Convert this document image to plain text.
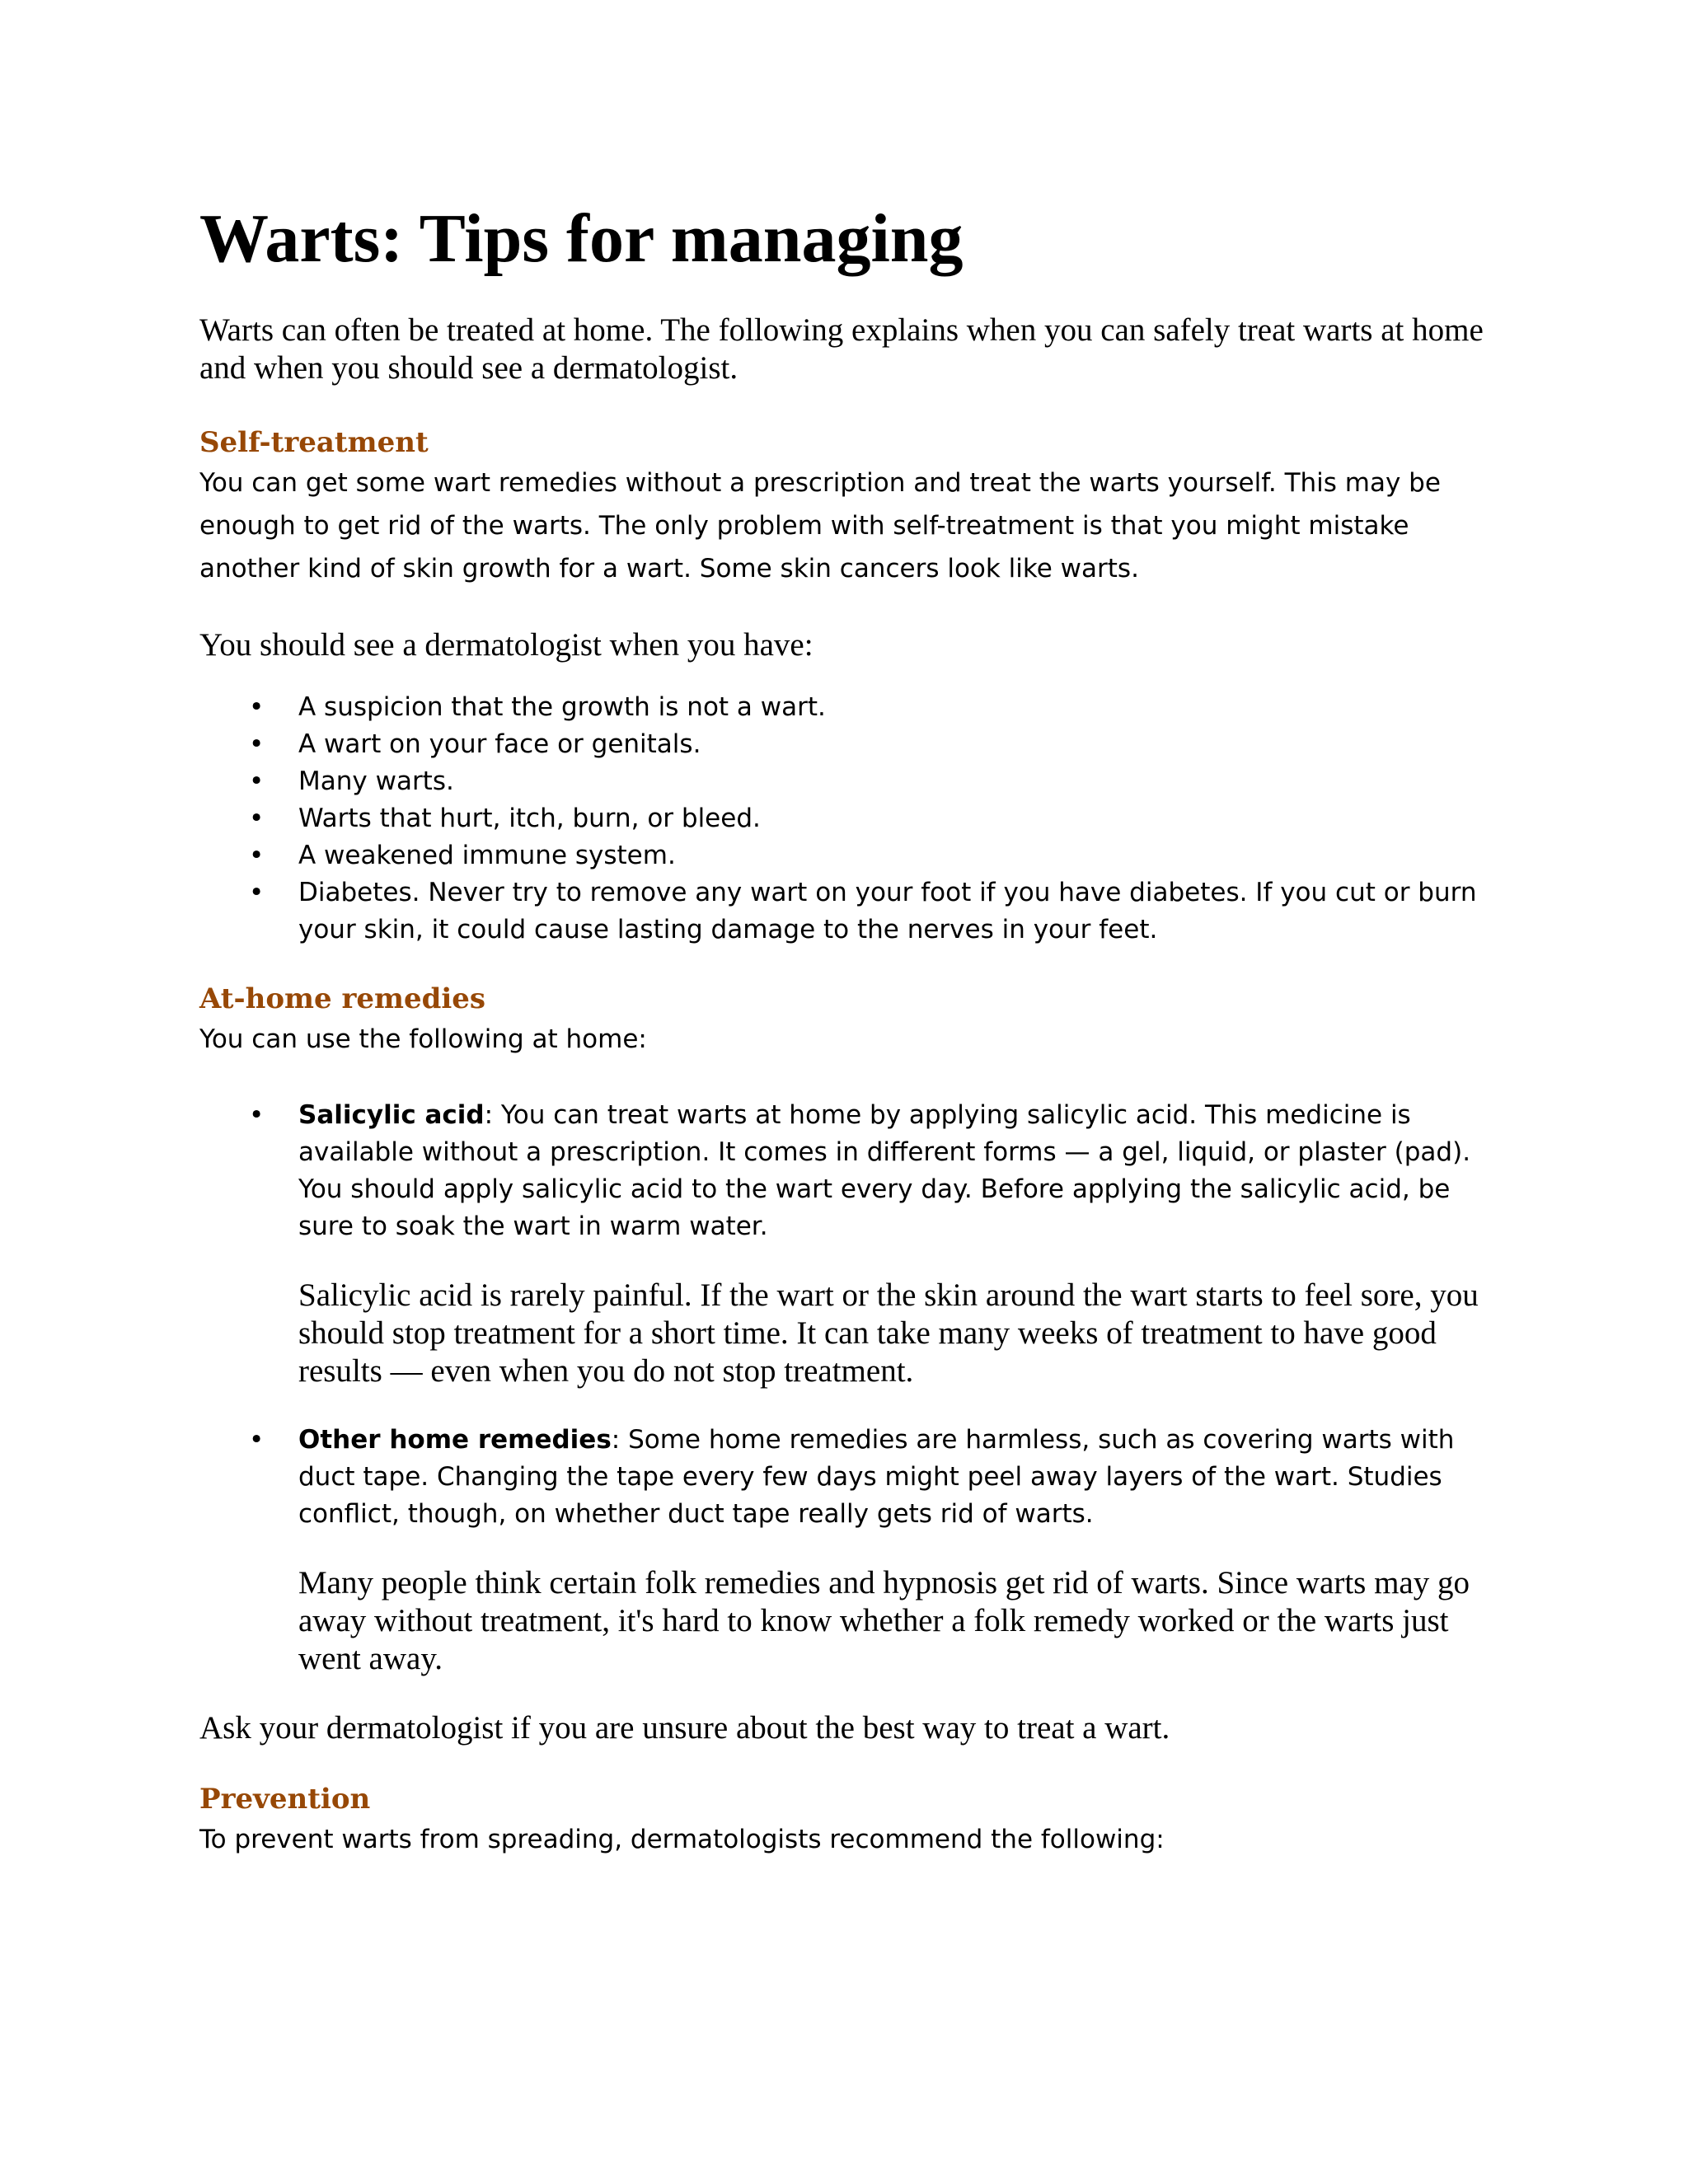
Warts: Tips for managing

Warts can often be treated at home. The following explains when you can safely treat warts at home and when you should see a dermatologist.

Self-treatment

You can get some wart remedies without a prescription and treat the warts yourself. This may be enough to get rid of the warts. The only problem with self-treatment is that you might mistake another kind of skin growth for a wart. Some skin cancers look like warts.

You should see a dermatologist when you have:

• A suspicion that the growth is not a wart.
• A wart on your face or genitals.
• Many warts.
• Warts that hurt, itch, burn, or bleed.
• A weakened immune system.
• Diabetes. Never try to remove any wart on your foot if you have diabetes. If you cut or burn your skin, it could cause lasting damage to the nerves in your feet.
At-home remedies

You can use the following at home:

• Salicylic acid: You can treat warts at home by applying salicylic acid. This medicine is available without a prescription. It comes in different forms — a gel, liquid, or plaster (pad). You should apply salicylic acid to the wart every day. Before applying the salicylic acid, be sure to soak the wart in warm water.

Salicylic acid is rarely painful. If the wart or the skin around the wart starts to feel sore, you should stop treatment for a short time. It can take many weeks of treatment to have good results — even when you do not stop treatment.

• Other home remedies: Some home remedies are harmless, such as covering warts with duct tape. Changing the tape every few days might peel away layers of the wart. Studies conflict, though, on whether duct tape really gets rid of warts.

Many people think certain folk remedies and hypnosis get rid of warts. Since warts may go away without treatment, it's hard to know whether a folk remedy worked or the warts just went away.

Ask your dermatologist if you are unsure about the best way to treat a wart.

Prevention

To prevent warts from spreading, dermatologists recommend the following:
